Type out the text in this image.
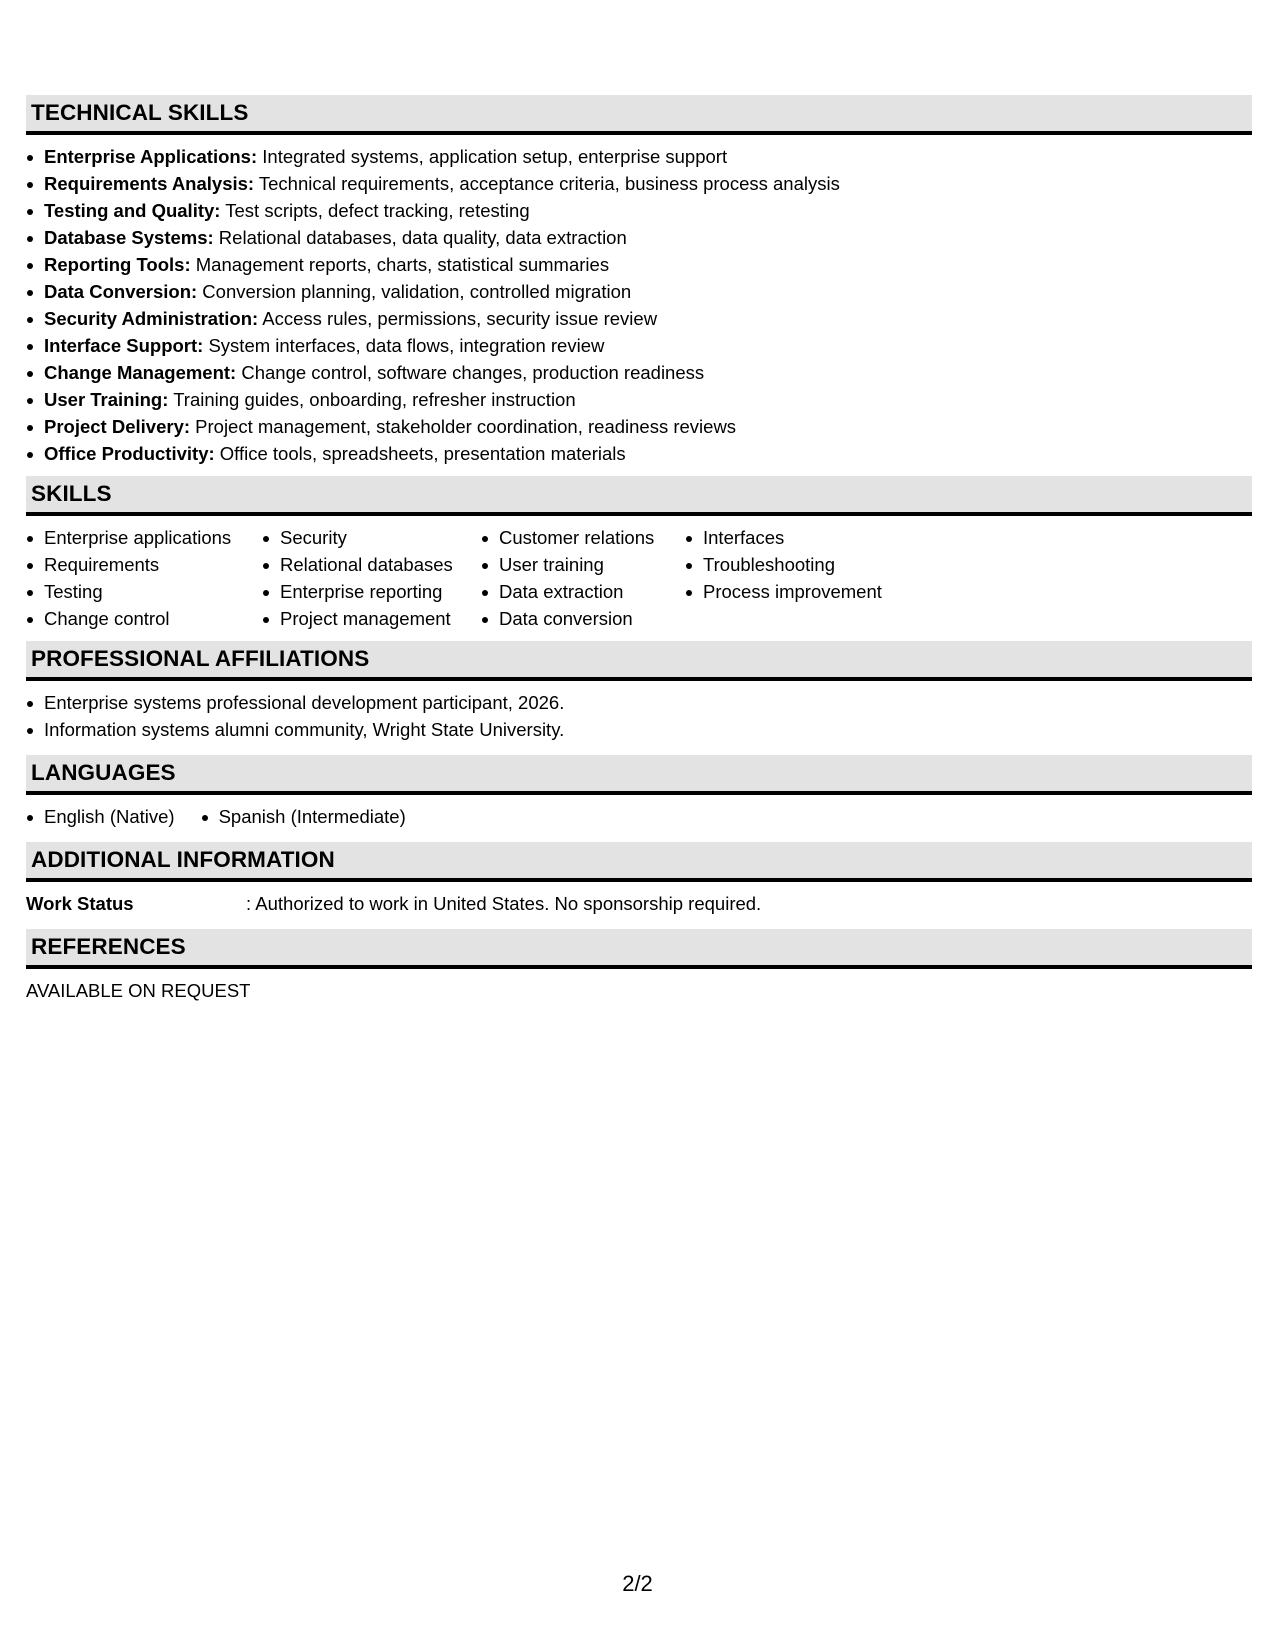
TECHNICAL SKILLS
Enterprise Applications: Integrated systems, application setup, enterprise support
Requirements Analysis: Technical requirements, acceptance criteria, business process analysis
Testing and Quality: Test scripts, defect tracking, retesting
Database Systems: Relational databases, data quality, data extraction
Reporting Tools: Management reports, charts, statistical summaries
Data Conversion: Conversion planning, validation, controlled migration
Security Administration: Access rules, permissions, security issue review
Interface Support: System interfaces, data flows, integration review
Change Management: Change control, software changes, production readiness
User Training: Training guides, onboarding, refresher instruction
Project Delivery: Project management, stakeholder coordination, readiness reviews
Office Productivity: Office tools, spreadsheets, presentation materials
SKILLS
Enterprise applications
Requirements
Testing
Change control
Security
Relational databases
Enterprise reporting
Project management
Customer relations
User training
Data extraction
Data conversion
Interfaces
Troubleshooting
Process improvement
PROFESSIONAL AFFILIATIONS
Enterprise systems professional development participant, 2026.
Information systems alumni community, Wright State University.
LANGUAGES
English (Native)	Spanish (Intermediate)
ADDITIONAL INFORMATION
Work Status	: Authorized to work in United States. No sponsorship required.
REFERENCES
AVAILABLE ON REQUEST
2/2
